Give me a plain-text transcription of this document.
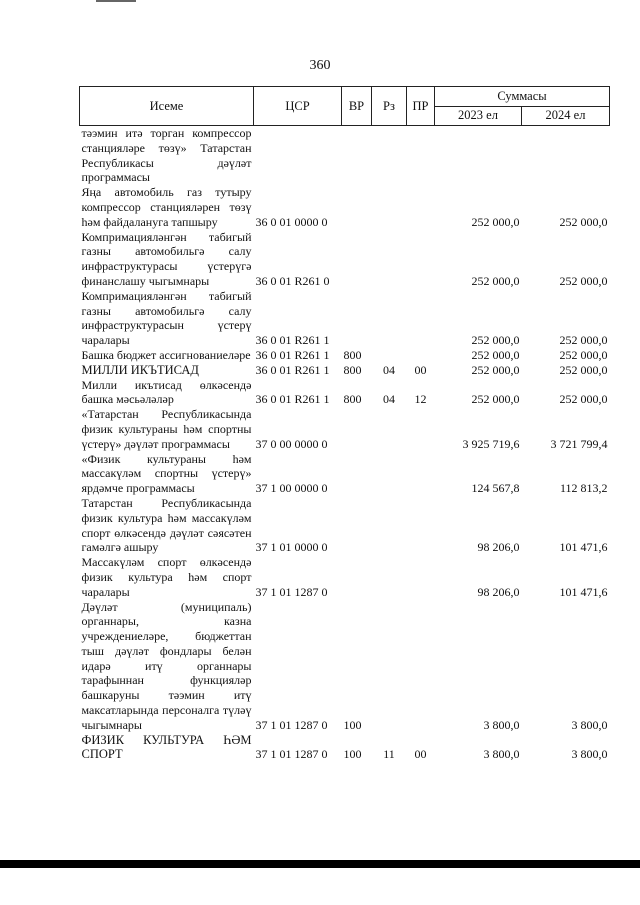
360
Исеме	ЦСР	ВР	Рз	ПР	Суммасы	
					2023 ел	2024 ел
тәэмин итә торган компрессор станцияләре төзү» Татарстан Республикасы дәүләт программасы						
Яңа автомобиль газ тутыру компрессор станцияләрен төзү һәм файдалануга тапшыру	36 0 01 0000 0				252 000,0	252 000,0
Компримацияләнгән табигый газны автомобильгә салу инфраструктурасы үстерүгә финанслашу чыгымнары	36 0 01 R261 0				252 000,0	252 000,0
Компримацияләнгән табигый газны автомобильгә салу инфраструктурасын үстерү чаралары	36 0 01 R261 1				252 000,0	252 000,0
Башка бюджет ассигнованиеләре	36 0 01 R261 1	800			252 000,0	252 000,0
МИЛЛИ ИКЪТИСАД	36 0 01 R261 1	800	04	00	252 000,0	252 000,0
Милли икътисад өлкәсендә башка мәсьәләләр	36 0 01 R261 1	800	04	12	252 000,0	252 000,0
«Татарстан Республикасында физик культураны һәм спортны үстерү» дәүләт программасы	37 0 00 0000 0				3 925 719,6	3 721 799,4
«Физик культураны һәм массакүләм спортны үстерү» ярдәмче программасы	37 1 00 0000 0				124 567,8	112 813,2
Татарстан Республикасында физик культура һәм массакүләм спорт өлкәсендә дәүләт сәясәтен гамәлгә ашыру	37 1 01 0000 0				98 206,0	101 471,6
Массакүләм спорт өлкәсендә физик культура һәм спорт чаралары	37 1 01 1287 0				98 206,0	101 471,6
Дәүләт (муниципаль) органнары, казна учреждениеләре, бюджеттан тыш дәүләт фондлары белән идарә итү органнары тарафыннан функцияләр башкаруны тәэмин итү максатларында персоналга түләү чыгымнары	37 1 01 1287 0	100			3 800,0	3 800,0
ФИЗИК КУЛЬТУРА ҺӘМ СПОРТ	37 1 01 1287 0	100	11	00	3 800,0	3 800,0
